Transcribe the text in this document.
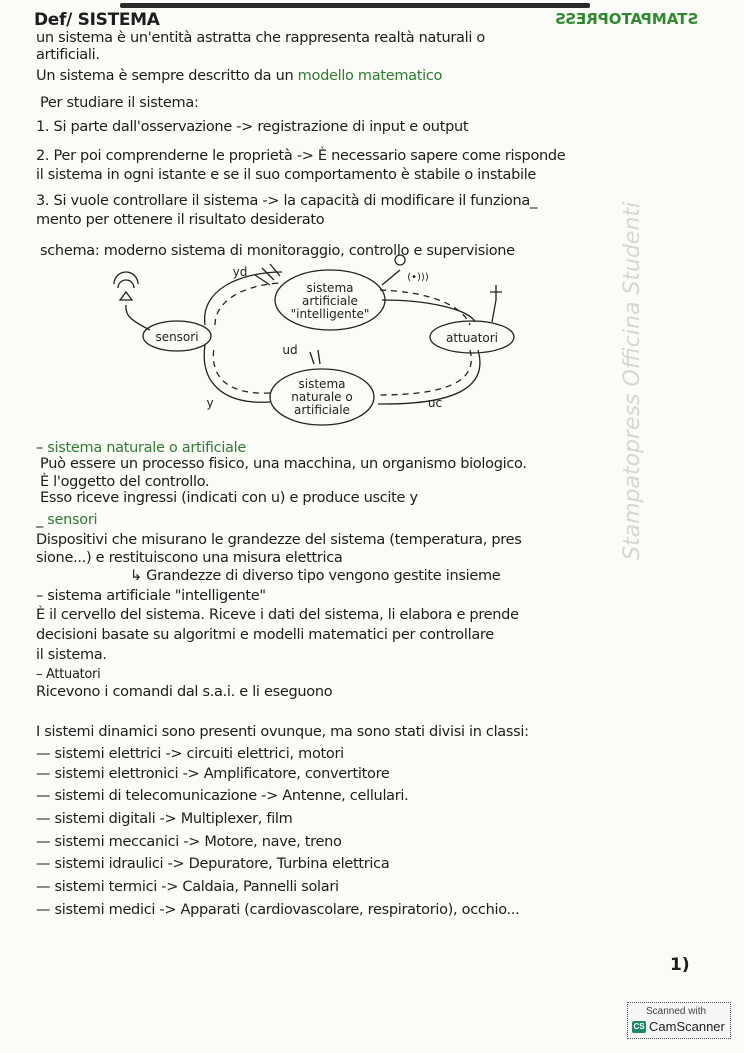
Def/ SISTEMA	STAMPATOPRESS
un sistema è un'entità astratta che rappresenta realtà naturali o
artificiali.
Un sistema è sempre descritto da un modello matematico
Per studiare il sistema:
1. Si parte dall'osservazione -> registrazione di input e output
2. Per poi comprenderne le proprietà -> È necessario sapere come risponde
il sistema in ogni istante e se il suo comportamento è stabile o instabile
3. Si vuole controllare il sistema -> la capacità di modificare il funziona_
mento per ottenere il risultato desiderato
schema: moderno sistema di monitoraggio, controllo e supervisione
sistema
artificiale
"intelligente"
sensori	attuatori
sistema
naturale o
artificiale
yd
ud
y	uc
(•)))
– sistema naturale o artificiale
Può essere un processo fisico, una macchina, un organismo biologico.
È l'oggetto del controllo.
Esso riceve ingressi (indicati con u) e produce uscite y
_ sensori
Dispositivi che misurano le grandezze del sistema (temperatura, pres
sione...) e restituiscono una misura elettrica
↳ Grandezze di diverso tipo vengono gestite insieme
– sistema artificiale "intelligente"
È il cervello del sistema. Riceve i dati del sistema, li elabora e prende
decisioni basate su algoritmi e modelli matematici per controllare
il sistema.
– Attuatori
Ricevono i comandi dal s.a.i. e li eseguono
I sistemi dinamici sono presenti ovunque, ma sono stati divisi in classi:
— sistemi elettrici -> circuiti elettrici, motori
— sistemi elettronici -> Amplificatore, convertitore
— sistemi di telecomunicazione -> Antenne, cellulari.
— sistemi digitali -> Multiplexer, film
— sistemi meccanici -> Motore, nave, treno
— sistemi idraulici -> Depuratore, Turbina elettrica
— sistemi termici -> Caldaia, Pannelli solari
— sistemi medici -> Apparati (cardiovascolare, respiratorio), occhio...
Stampatopress Officina Studenti
1)
Scanned with
CS CamScanner
